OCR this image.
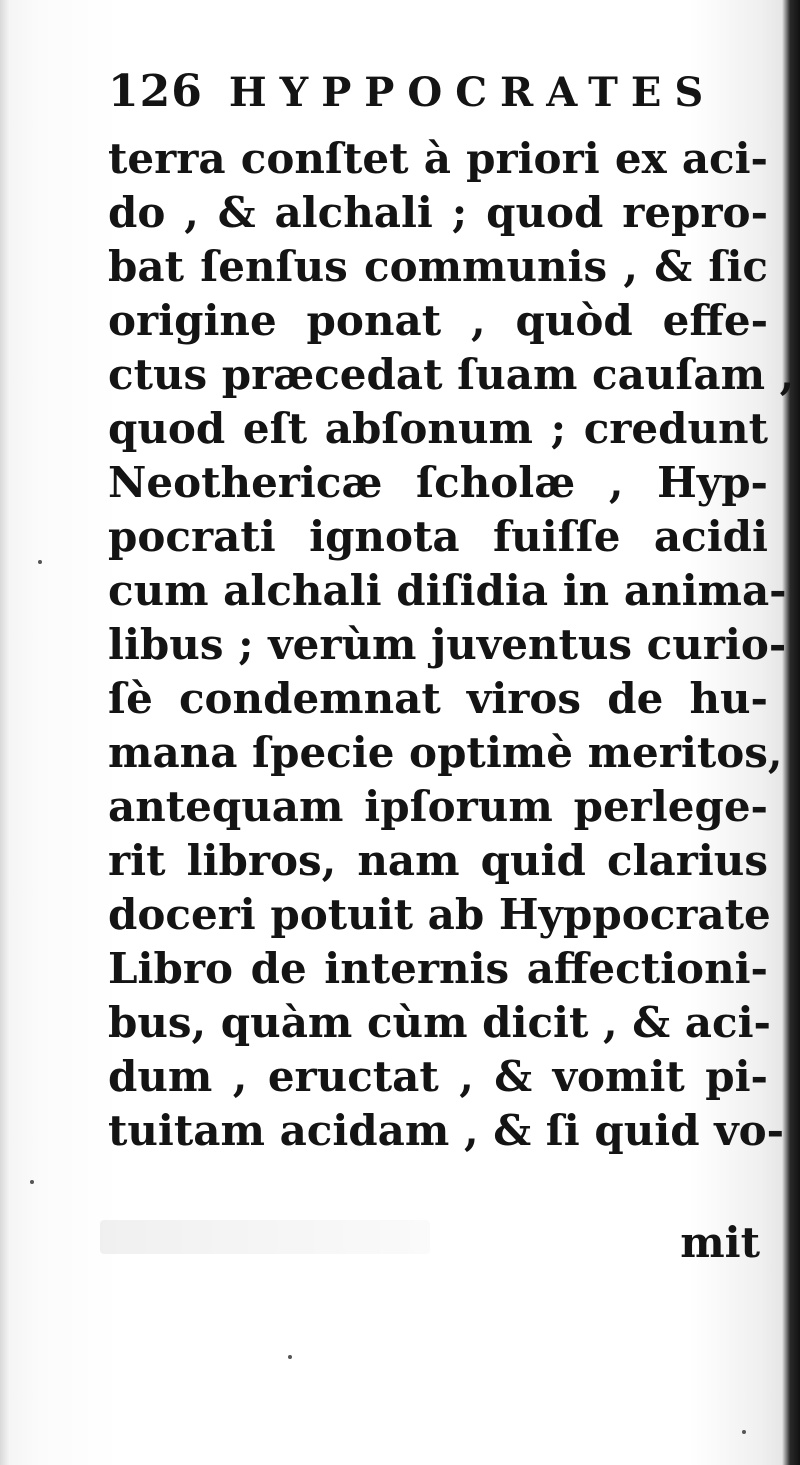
126 HYPPOCRATES
terra conſtet à priori ex aci-
do , & alchali ; quod repro-
bat ſenſus communis , & ſic
origine ponat , quòd effe-
ctus præcedat ſuam cauſam ,
quod eſt abſonum ; credunt
Neothericæ ſcholæ , Hyp-
pocrati ignota fuiſſe acidi
cum alchali diſidia in anima-
libus ; verùm juventus curio-
ſè condemnat viros de hu-
mana ſpecie optimè meritos,
antequam ipſorum perlege-
rit libros, nam quid clarius
doceri potuit ab Hyppocrate
Libro de internis affectioni-
bus, quàm cùm dicit , & aci-
dum , eructat , & vomit pi-
tuitam acidam , & ſi quid vo-
mit
